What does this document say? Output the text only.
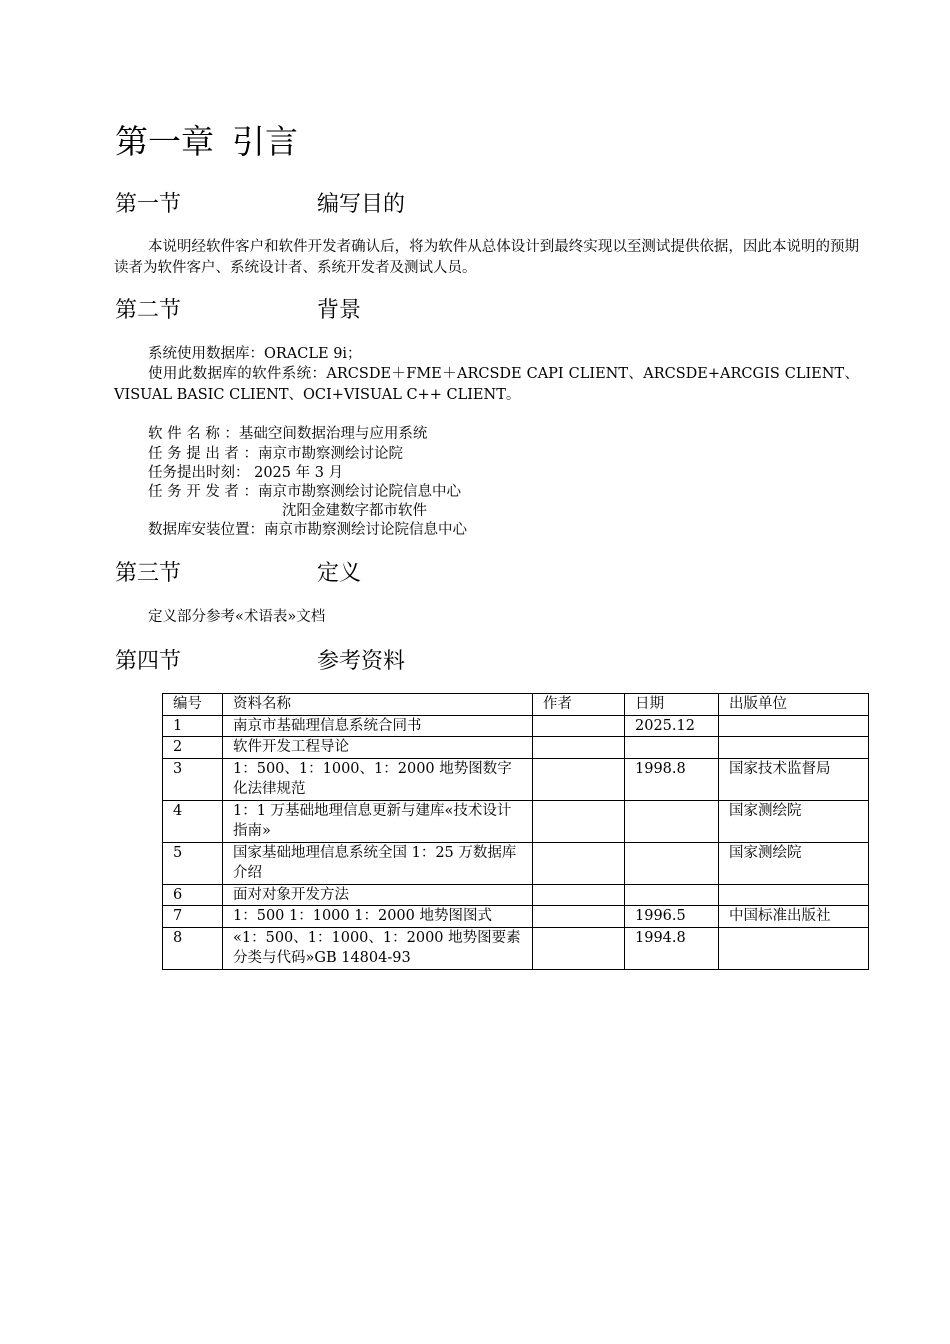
第一章 引言
第一节	编写目的

本说明经软件客户和软件开发者确认后，将为软件从总体设计到最终实现以至测试提供依据，因此本说明的预期读者为软件客户、系统设计者、系统开发者及测试人员。

第二节	背景

系统使用数据库：ORACLE 9i；

使用此数据库的软件系统：ARCSDE＋FME＋ARCSDE CAPI CLIENT、ARCSDE+ARCGIS CLIENT、VISUAL BASIC CLIENT、OCI+VISUAL C++ CLIENT。

软 件 名 称 ：基础空间数据治理与应用系统

任 务 提 出 者 ：南京市勘察测绘讨论院

任务提出时刻： 2025 年 3 月

任 务 开 发 者 ：南京市勘察测绘讨论院信息中心

沈阳金建数字都市软件

数据库安装位置：南京市勘察测绘讨论院信息中心

第三节	定义

定义部分参考«术语表»文档

第四节	参考资料
编号	资料名称	作者	日期	出版单位
1	南京市基础理信息系统合同书		2025.12	
2	软件开发工程导论			
3	1：500、1：1000、1：2000 地势图数字化法律规范		1998.8	国家技术监督局
4	1：1 万基础地理信息更新与建库«技术设计指南»			国家测绘院
5	国家基础地理信息系统全国 1：25 万数据库介绍			国家测绘院
6	面对对象开发方法			
7	1：500 1：1000 1：2000 地势图图式		1996.5	中国标准出版社
8	«1：500、1：1000、1：2000 地势图要素分类与代码»GB 14804-93		1994.8	
